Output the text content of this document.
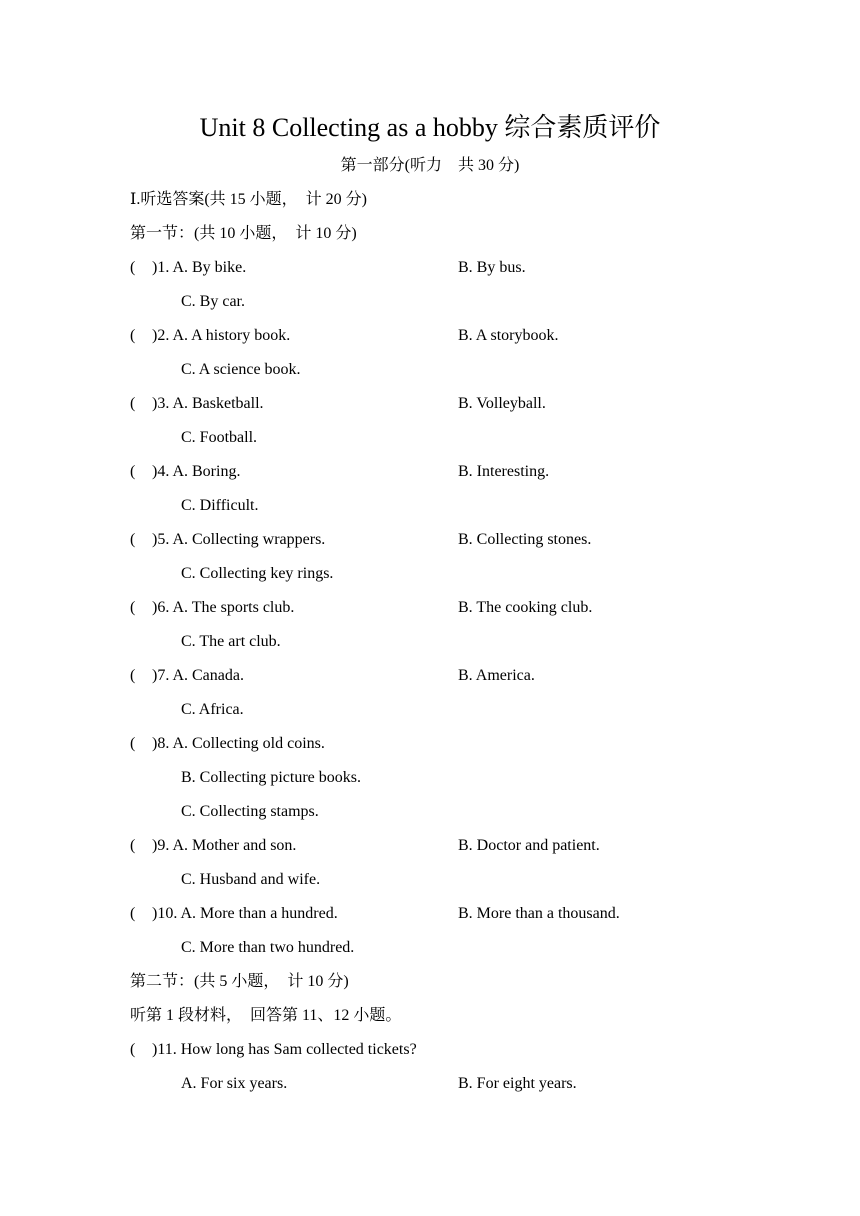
Unit 8 Collecting as a hobby 综合素质评价
第一部分(听力　共 30 分)
Ⅰ.听选答案(共 15 小题，　计 20 分)
第一节：(共 10 小题，　计 10 分)
( )1. A. By bike.	B. By bus.
C. By car.
( )2. A. A history book.	B. A storybook.
C. A science book.
( )3. A. Basketball.	B. Volleyball.
C. Football.
( )4. A. Boring.	B. Interesting.
C. Difficult.
( )5. A. Collecting wrappers.	B. Collecting stones.
C. Collecting key rings.
( )6. A. The sports club.	B. The cooking club.
C. The art club.
( )7. A. Canada.	B. America.
C. Africa.
( )8. A. Collecting old coins.
B. Collecting picture books.
C. Collecting stamps.
( )9. A. Mother and son.	B. Doctor and patient.
C. Husband and wife.
( )10. A. More than a hundred.	B. More than a thousand.
C. More than two hundred.
第二节：(共 5 小题，　计 10 分)
听第 1 段材料，　回答第 11、12 小题。
( )11. How long has Sam collected tickets?
A. For six years.	B. For eight years.
